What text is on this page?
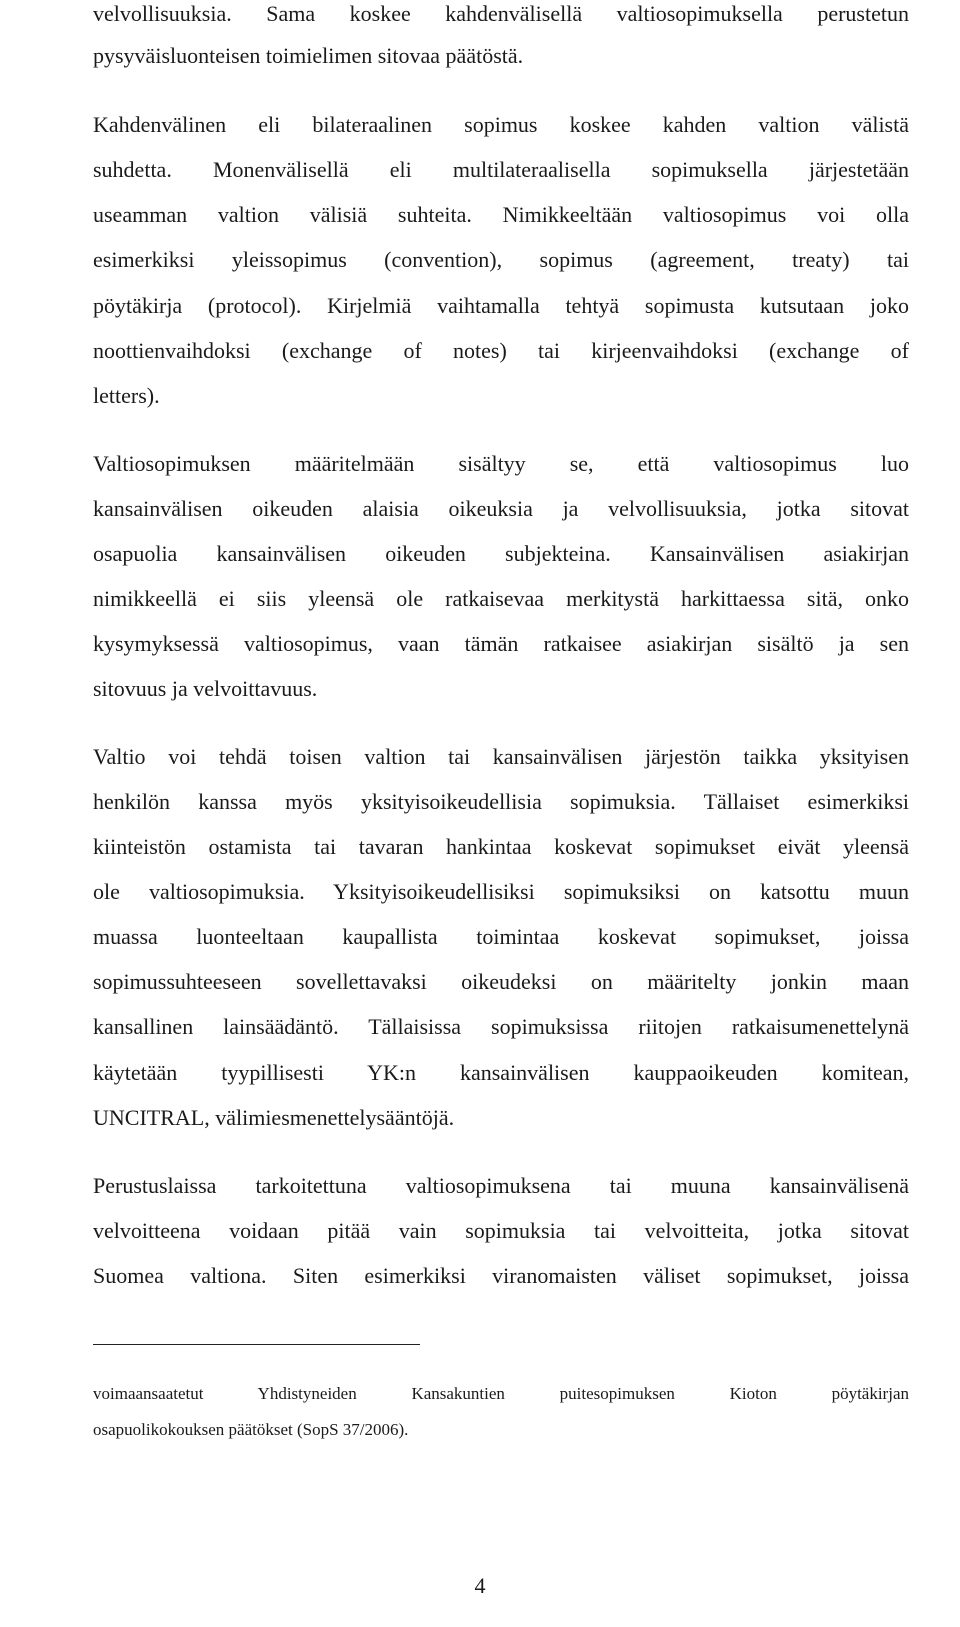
velvollisuuksia. Sama koskee kahdenvälisellä valtiosopimuksella perustetun

pysyväisluonteisen toimielimen sitovaa päätöstä.

Kahdenvälinen eli bilateraalinen sopimus koskee kahden valtion välistä

suhdetta. Monenvälisellä eli multilateraalisella sopimuksella järjestetään

useamman valtion välisiä suhteita. Nimikkeeltään valtiosopimus voi olla

esimerkiksi yleissopimus (convention), sopimus (agreement, treaty) tai

pöytäkirja (protocol). Kirjelmiä vaihtamalla tehtyä sopimusta kutsutaan joko

noottienvaihdoksi (exchange of notes) tai kirjeenvaihdoksi (exchange of

letters).

Valtiosopimuksen määritelmään sisältyy se, että valtiosopimus luo

kansainvälisen oikeuden alaisia oikeuksia ja velvollisuuksia, jotka sitovat

osapuolia kansainvälisen oikeuden subjekteina. Kansainvälisen asiakirjan

nimikkeellä ei siis yleensä ole ratkaisevaa merkitystä harkittaessa sitä, onko

kysymyksessä valtiosopimus, vaan tämän ratkaisee asiakirjan sisältö ja sen

sitovuus ja velvoittavuus.

Valtio voi tehdä toisen valtion tai kansainvälisen järjestön taikka yksityisen

henkilön kanssa myös yksityisoikeudellisia sopimuksia. Tällaiset esimerkiksi

kiinteistön ostamista tai tavaran hankintaa koskevat sopimukset eivät yleensä

ole valtiosopimuksia. Yksityisoikeudellisiksi sopimuksiksi on katsottu muun

muassa luonteeltaan kaupallista toimintaa koskevat sopimukset, joissa

sopimussuhteeseen sovellettavaksi oikeudeksi on määritelty jonkin maan

kansallinen lainsäädäntö. Tällaisissa sopimuksissa riitojen ratkaisumenettelynä

käytetään tyypillisesti YK:n kansainvälisen kauppaoikeuden komitean,

UNCITRAL, välimiesmenettelysääntöjä.

Perustuslaissa tarkoitettuna valtiosopimuksena tai muuna kansainvälisenä

velvoitteena voidaan pitää vain sopimuksia tai velvoitteita, jotka sitovat

Suomea valtiona. Siten esimerkiksi viranomaisten väliset sopimukset, joissa

voimaansaatetut Yhdistyneiden Kansakuntien puitesopimuksen Kioton pöytäkirjan

osapuolikokouksen päätökset (SopS 37/2006).

4
